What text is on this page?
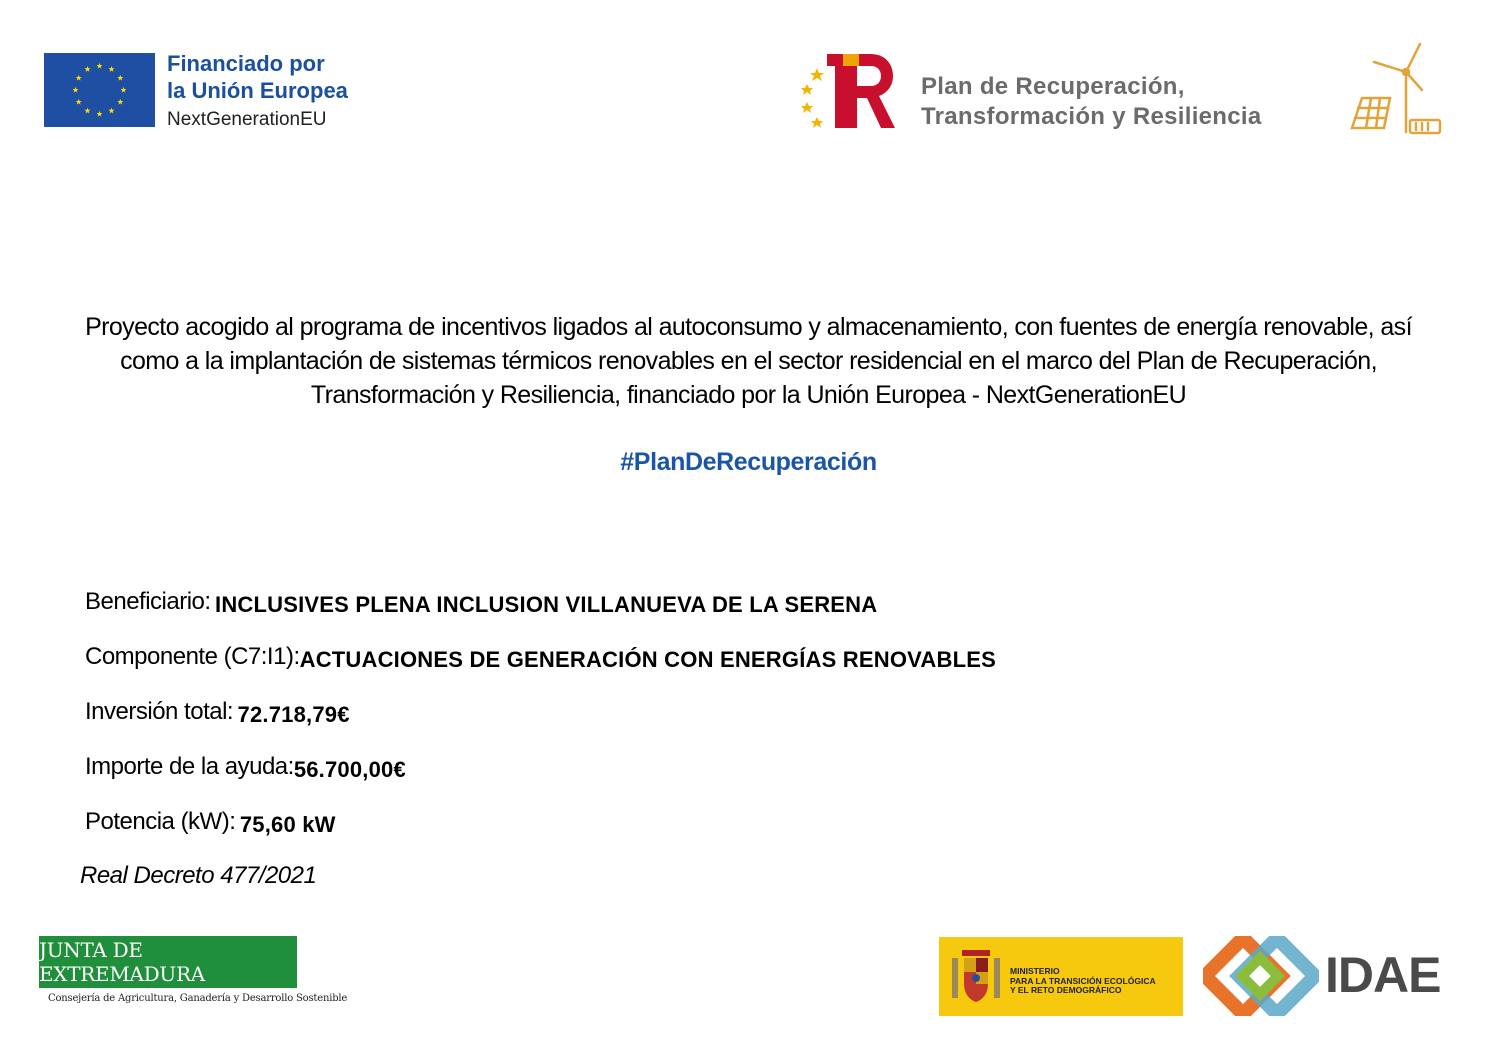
Financiado por
la Unión Europea
NextGenerationEU
Plan de Recuperación,
Transformación y Resiliencia
Proyecto acogido al programa de incentivos ligados al autoconsumo y almacenamiento, con fuentes de energía renovable, así como a la implantación de sistemas térmicos renovables en el sector residencial en el marco del Plan de Recuperación, Transformación y Resiliencia, financiado por la Unión Europea - NextGenerationEU
#PlanDeRecuperación
Beneficiario: INCLUSIVES PLENA INCLUSION VILLANUEVA DE LA SERENA
Componente (C7:I1):ACTUACIONES DE GENERACIÓN CON ENERGÍAS RENOVABLES
Inversión total: 72.718,79€
Importe de la ayuda:56.700,00€
Potencia (kW): 75,60 kW
Real Decreto 477/2021
JUNTA DE EXTREMADURA
Consejería de Agricultura, Ganadería y Desarrollo Sostenible
MINISTERIO
PARA LA TRANSICIÓN ECOLÓGICA
Y EL RETO DEMOGRÁFICO	IDAE
